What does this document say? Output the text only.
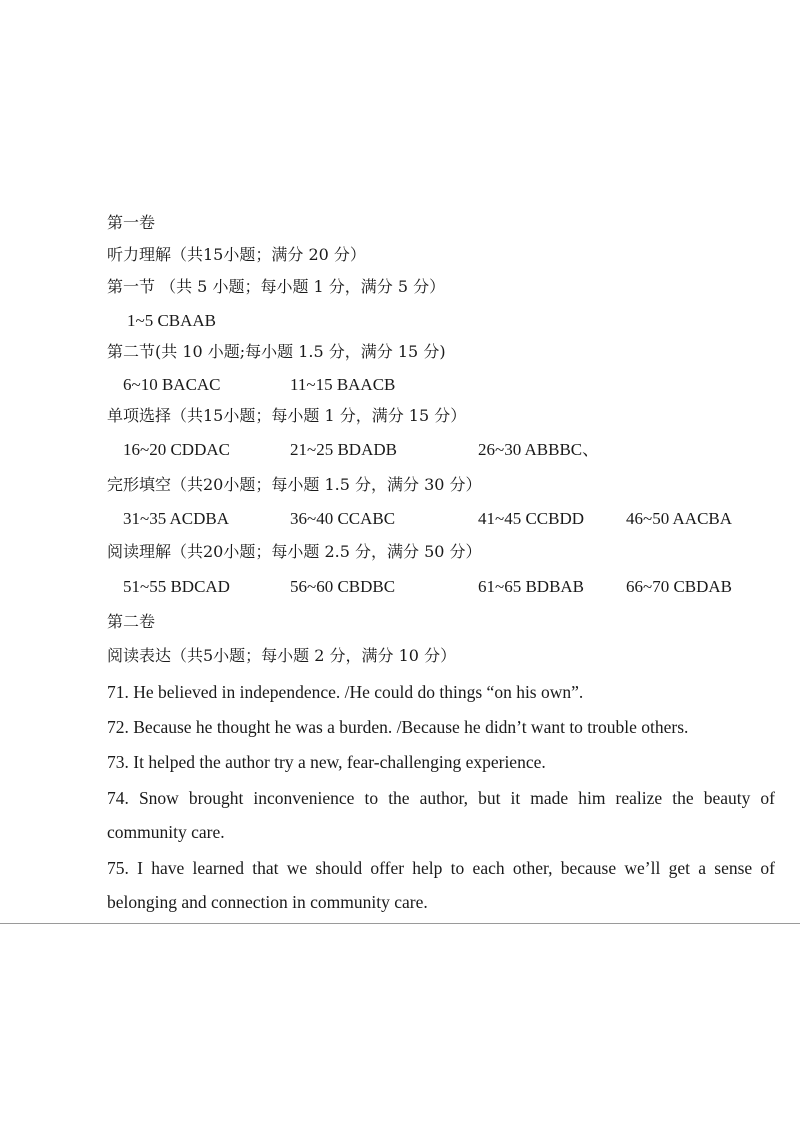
第一卷
听力理解（共15小题；满分 20 分）
第一节 （共 5 小题；每小题 1 分，满分 5 分）
1~5 CBAAB
第二节(共 10 小题;每小题 1.5 分，满分 15 分)
6~10 BACAC	11~15 BAACB
单项选择（共15小题；每小题 1 分，满分 15 分）
16~20 CDDAC	21~25 BDADB	26~30 ABBBC、
完形填空（共20小题；每小题 1.5 分，满分 30 分）
31~35 ACDBA	36~40 CCABC	41~45 CCBDD 46~50 AACBA
阅读理解（共20小题；每小题 2.5 分，满分 50 分）
51~55 BDCAD	56~60 CBDBC	61~65 BDBAB 66~70 CBDAB
第二卷
阅读表达（共5小题；每小题 2 分，满分 10 分）
71. He believed in independence. /He could do things “on his own”.
72. Because he thought he was a burden. /Because he didn’t want to trouble others.
73. It helped the author try a new, fear-challenging experience.
74. Snow brought inconvenience to the author, but it made him realize the beauty of
community care.
75. I have learned that we should offer help to each other, because we’ll get a sense of
belonging and connection in community care.
